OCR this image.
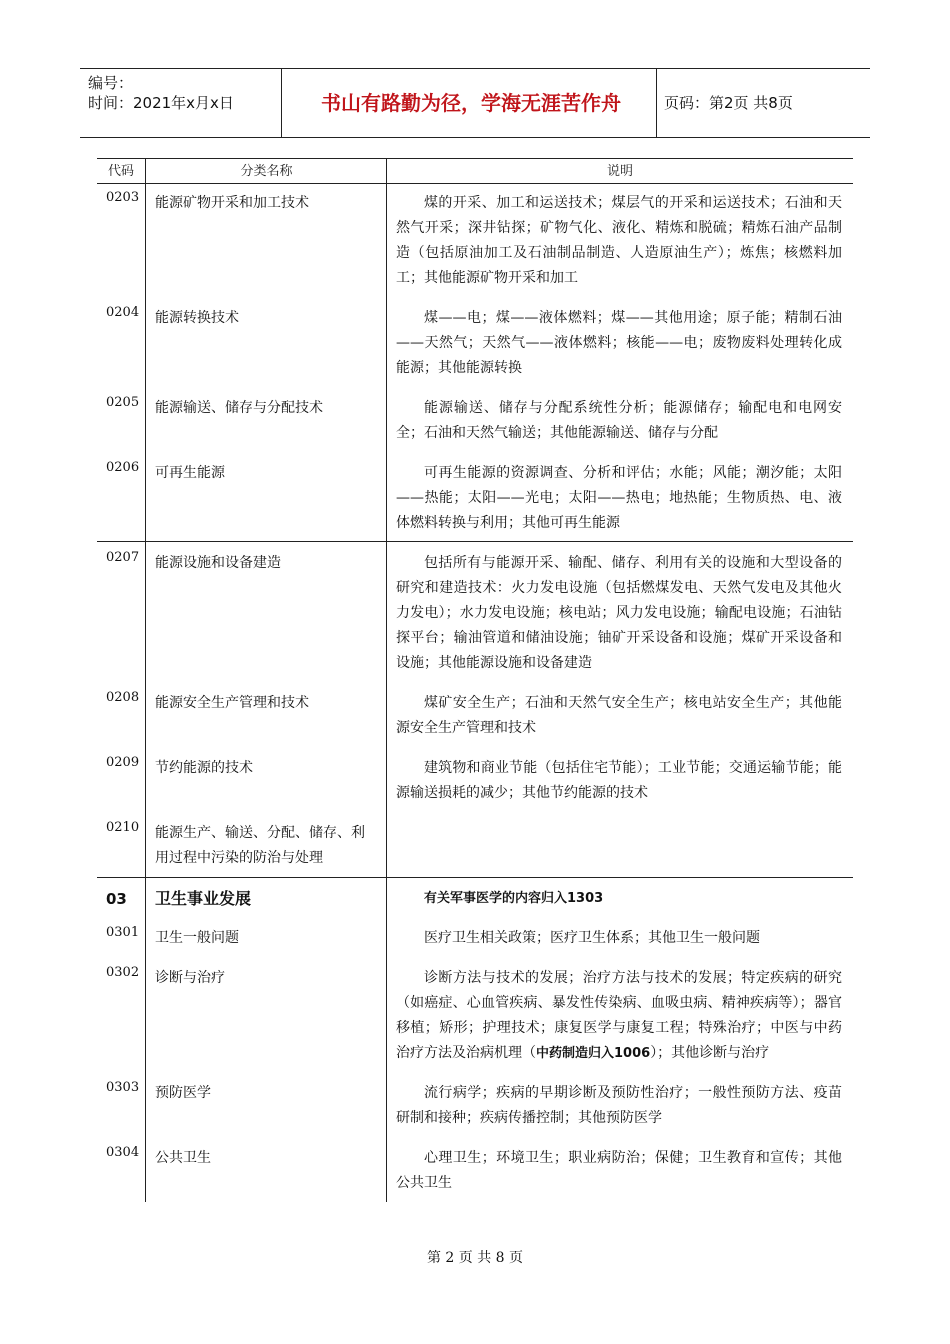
编号：
时间：2021年x月x日	书山有路勤为径，学海无涯苦作舟	页码：第2页 共8页
代码	分类名称	说明
0203 能源矿物开采和加工技术	煤的开采、加工和运送技术；煤层气的开采和运送技术；石油和天然气开采；深井钻探；矿物气化、液化、精炼和脱硫；精炼石油产品制造（包括原油加工及石油制品制造、人造原油生产）；炼焦；核燃料加工；其他能源矿物开采和加工
0204 能源转换技术	煤——电；煤——液体燃料；煤——其他用途；原子能；精制石油——天然气；天然气——液体燃料；核能——电；废物废料处理转化成能源；其他能源转换
0205 能源输送、储存与分配技术	能源输送、储存与分配系统性分析；能源储存；输配电和电网安全；石油和天然气输送；其他能源输送、储存与分配
0206 可再生能源	可再生能源的资源调查、分析和评估；水能；风能；潮汐能；太阳——热能；太阳——光电；太阳——热电；地热能；生物质热、电、液体燃料转换与利用；其他可再生能源
0207 能源设施和设备建造	包括所有与能源开采、输配、储存、利用有关的设施和大型设备的研究和建造技术：火力发电设施（包括燃煤发电、天然气发电及其他火力发电）；水力发电设施；核电站；风力发电设施；输配电设施；石油钻探平台；输油管道和储油设施；铀矿开采设备和设施；煤矿开采设备和设施；其他能源设施和设备建造
0208 能源安全生产管理和技术	煤矿安全生产；石油和天然气安全生产；核电站安全生产；其他能源安全生产管理和技术
0209 节约能源的技术	建筑物和商业节能（包括住宅节能）；工业节能；交通运输节能；能源输送损耗的减少；其他节约能源的技术
0210 能源生产、输送、分配、储存、利用过程中污染的防治与处理
03 卫生事业发展	有关军事医学的内容归入1303
0301 卫生一般问题	医疗卫生相关政策；医疗卫生体系；其他卫生一般问题
0302 诊断与治疗	诊断方法与技术的发展；治疗方法与技术的发展；特定疾病的研究（如癌症、心血管疾病、暴发性传染病、血吸虫病、精神疾病等）；器官移植；矫形；护理技术；康复医学与康复工程；特殊治疗；中医与中药治疗方法及治病机理（中药制造归入1006）；其他诊断与治疗
0303 预防医学	流行病学；疾病的早期诊断及预防性治疗；一般性预防方法、疫苗研制和接种；疾病传播控制；其他预防医学
0304 公共卫生	心理卫生；环境卫生；职业病防治；保健；卫生教育和宣传；其他公共卫生
第 2 页 共 8 页
